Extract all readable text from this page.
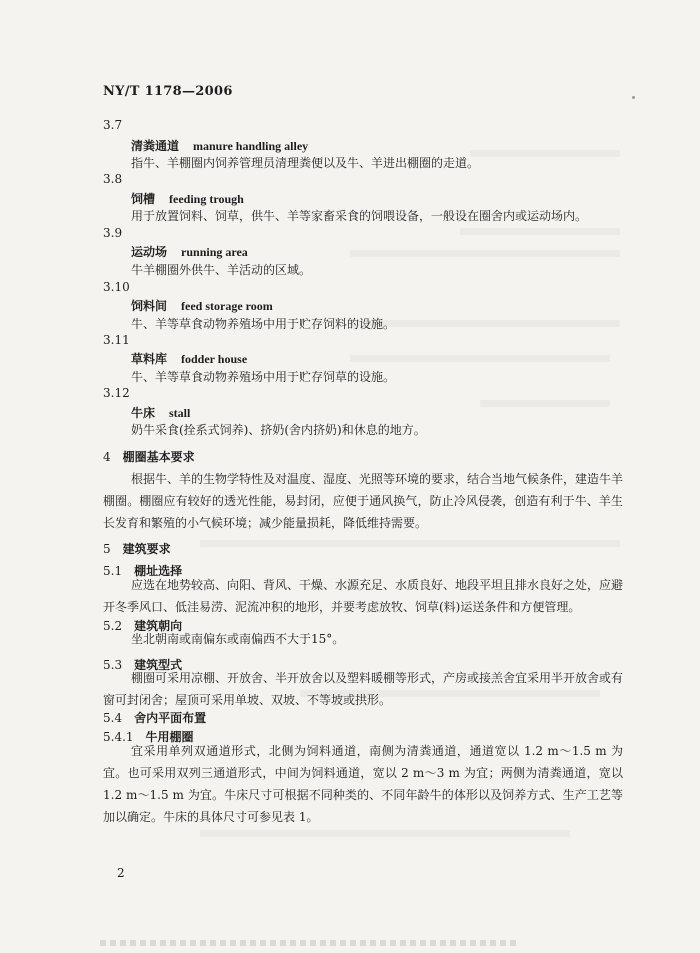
NY/T 1178—2006
3.7
清粪通道 manure handling alley
指牛、羊棚圈内饲养管理员清理粪便以及牛、羊进出棚圈的走道。
3.8
饲槽 feeding trough
用于放置饲料、饲草，供牛、羊等家畜采食的饲喂设备，一般设在圈舍内或运动场内。
3.9
运动场 running area
牛羊棚圈外供牛、羊活动的区域。
3.10
饲料间 feed storage room
牛、羊等草食动物养殖场中用于贮存饲料的设施。
3.11
草料库 fodder house
牛、羊等草食动物养殖场中用于贮存饲草的设施。
3.12
牛床 stall
奶牛采食(拴系式饲养)、挤奶(舍内挤奶)和休息的地方。
4 棚圈基本要求
根据牛、羊的生物学特性及对温度、湿度、光照等环境的要求，结合当地气候条件，建造牛羊棚圈。棚圈应有较好的透光性能，易封闭，应便于通风换气，防止冷风侵袭，创造有利于牛、羊生长发育和繁殖的小气候环境；减少能量损耗，降低维持需要。
5 建筑要求
5.1 棚址选择
应选在地势较高、向阳、背风、干燥、水源充足、水质良好、地段平坦且排水良好之处，应避开冬季风口、低洼易涝、泥流冲积的地形，并要考虑放牧、饲草(料)运送条件和方便管理。
5.2 建筑朝向
坐北朝南或南偏东或南偏西不大于15°。
5.3 建筑型式
棚圈可采用凉棚、开放舍、半开放舍以及塑料暖棚等形式，产房或接羔舍宜采用半开放舍或有窗可封闭舍；屋顶可采用单坡、双坡、不等坡或拱形。
5.4 舍内平面布置
5.4.1 牛用棚圈
宜采用单列双通道形式，北侧为饲料通道，南侧为清粪通道，通道宽以 1.2 m～1.5 m 为宜。也可采用双列三通道形式，中间为饲料通道，宽以 2 m～3 m 为宜；两侧为清粪通道，宽以 1.2 m～1.5 m 为宜。牛床尺寸可根据不同种类的、不同年龄牛的体形以及饲养方式、生产工艺等加以确定。牛床的具体尺寸可参见表 1。
2
